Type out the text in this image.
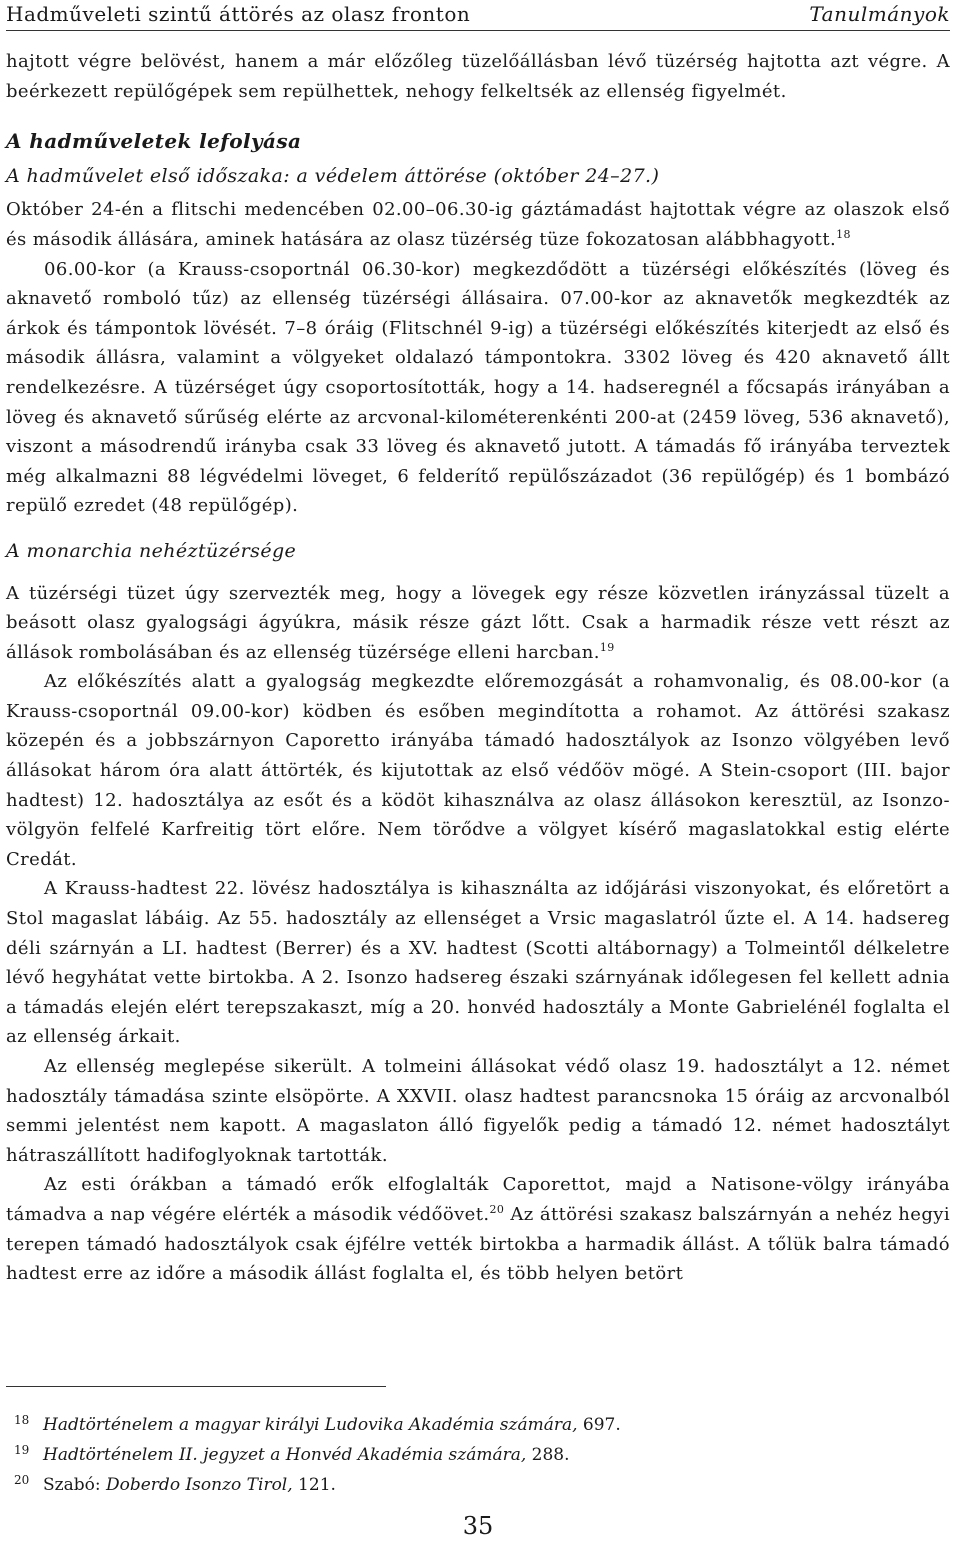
Hadműveleti szintű áttörés az olasz fronton	Tanulmányok

hajtott végre belövést, hanem a már előzőleg tüzelőállásban lévő tüzérség hajtotta azt végre. A beérkezett repülőgépek sem repülhettek, nehogy felkeltsék az ellenség figyelmét.

A hadműveletek lefolyása

A hadművelet első időszaka: a védelem áttörése (október 24–27.)

Október 24-én a flitschi medencében 02.00–06.30-ig gáztámadást hajtottak végre az olaszok első és második állására, aminek hatására az olasz tüzérség tüze fokozatosan alábbhagyott.$^{18}$

06.00-kor (a Krauss-csoportnál 06.30-kor) megkezdődött a tüzérségi előkészítés (löveg és aknavető romboló tűz) az ellenség tüzérségi állásaira. 07.00-kor az aknavetők megkezdték az árkok és támpontok lövését. 7–8 óráig (Flitschnél 9-ig) a tüzérségi előkészítés kiterjedt az első és második állásra, valamint a völgyeket oldalazó támpontokra. 3302 löveg és 420 aknavető állt rendelkezésre. A tüzérséget úgy csoportosították, hogy a 14. hadseregnél a főcsapás irányában a löveg és aknavető sűrűség elérte az arcvonal-kilométerenkénti 200-at (2459 löveg, 536 aknavető), viszont a másodrendű irányba csak 33 löveg és aknavető jutott. A támadás fő irányába terveztek még alkalmazni 88 légvédelmi löveget, 6 felderítő repülőszázadot (36 repülőgép) és 1 bombázó repülő ezredet (48 repülőgép).

A monarchia nehéztüzérsége

A tüzérségi tüzet úgy szervezték meg, hogy a lövegek egy része közvetlen irányzással tüzelt a beásott olasz gyalogsági ágyúkra, másik része gázt lőtt. Csak a harmadik része vett részt az állások rombolásában és az ellenség tüzérsége elleni harcban.$^{19}$

Az előkészítés alatt a gyalogság megkezdte előremozgását a rohamvonalig, és 08.00-kor (a Krauss-csoportnál 09.00-kor) ködben és esőben megindította a rohamot. Az áttörési szakasz közepén és a jobbszárnyon Caporetto irányába támadó hadosztályok az Isonzo völgyében levő állásokat három óra alatt áttörték, és kijutottak az első védőöv mögé. A Stein-csoport (III. bajor hadtest) 12. hadosztálya az esőt és a ködöt kihasználva az olasz állásokon keresztül, az Isonzo-völgyön felfelé Karfreitig tört előre. Nem törődve a völgyet kísérő magaslatokkal estig elérte Credát.

A Krauss-hadtest 22. lövész hadosztálya is kihasználta az időjárási viszonyokat, és előretört a Stol magaslat lábáig. Az 55. hadosztály az ellenséget a Vrsic magaslatról űzte el. A 14. hadsereg déli szárnyán a LI. hadtest (Berrer) és a XV. hadtest (Scotti altábornagy) a Tolmeintől délkeletre lévő hegyhátat vette birtokba. A 2. Isonzo hadsereg északi szárnyának időlegesen fel kellett adnia a támadás elején elért terepszakaszt, míg a 20. honvéd hadosztály a Monte Gabrielénél foglalta el az ellenség árkait.

Az ellenség meglepése sikerült. A tolmeini állásokat védő olasz 19. hadosztályt a 12. német hadosztály támadása szinte elsöpörte. A XXVII. olasz hadtest parancsnoka 15 óráig az arcvonalból semmi jelentést nem kapott. A magaslaton álló figyelők pedig a támadó 12. német hadosztályt hátraszállított hadifoglyoknak tartották.

Az esti órákban a támadó erők elfoglalták Caporettot, majd a Natisone-völgy irányába támadva a nap végére elérték a második védőövet.$^{20}$ Az áttörési szakasz balszárnyán a nehéz hegyi terepen támadó hadosztályok csak éjfélre vették birtokba a harmadik állást. A tőlük balra támadó hadtest erre az időre a második állást foglalta el, és több helyen betört

18 Hadtörténelem a magyar királyi Ludovika Akadémia számára, 697.
19 Hadtörténelem II. jegyzet a Honvéd Akadémia számára, 288.
20 Szabó: Doberdo Isonzo Tirol, 121.
35
